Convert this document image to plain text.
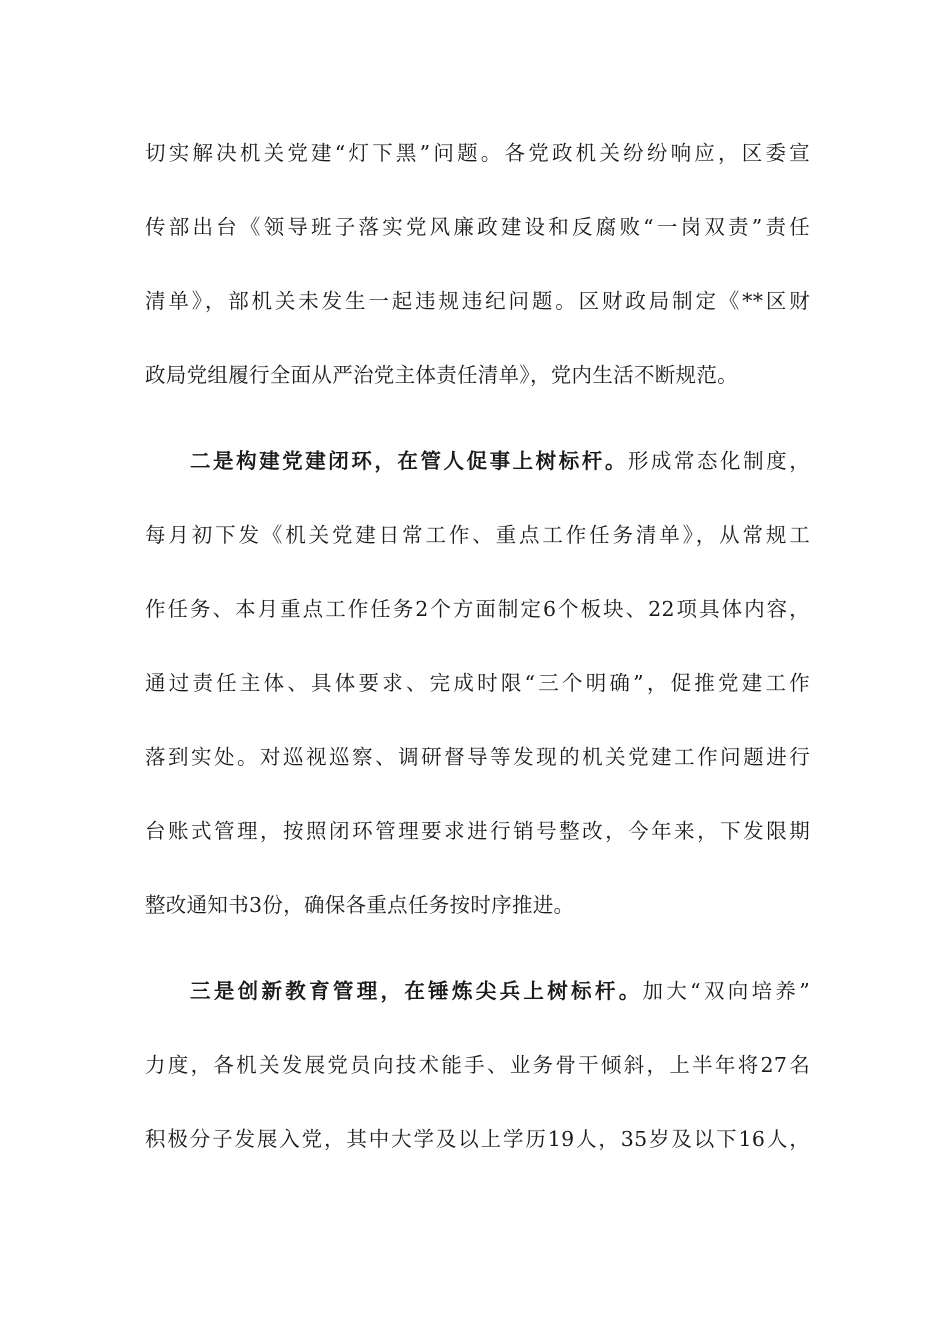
切实解决机关党建“灯下黑”问题。各党政机关纷纷响应，区委宣
传部出台《领导班子落实党风廉政建设和反腐败“一岗双责”责任
清单》，部机关未发生一起违规违纪问题。区财政局制定《**区财
政局党组履行全面从严治党主体责任清单》，党内生活不断规范。
二是构建党建闭环，在管人促事上树标杆。形成常态化制度，
每月初下发《机关党建日常工作、重点工作任务清单》，从常规工
作任务、本月重点工作任务2个方面制定6个板块、22项具体内容，
通过责任主体、具体要求、完成时限“三个明确”，促推党建工作
落到实处。对巡视巡察、调研督导等发现的机关党建工作问题进行
台账式管理，按照闭环管理要求进行销号整改，今年来，下发限期
整改通知书3份，确保各重点任务按时序推进。
三是创新教育管理，在锤炼尖兵上树标杆。加大“双向培养”
力度，各机关发展党员向技术能手、业务骨干倾斜，上半年将27名
积极分子发展入党，其中大学及以上学历19人，35岁及以下16人，
